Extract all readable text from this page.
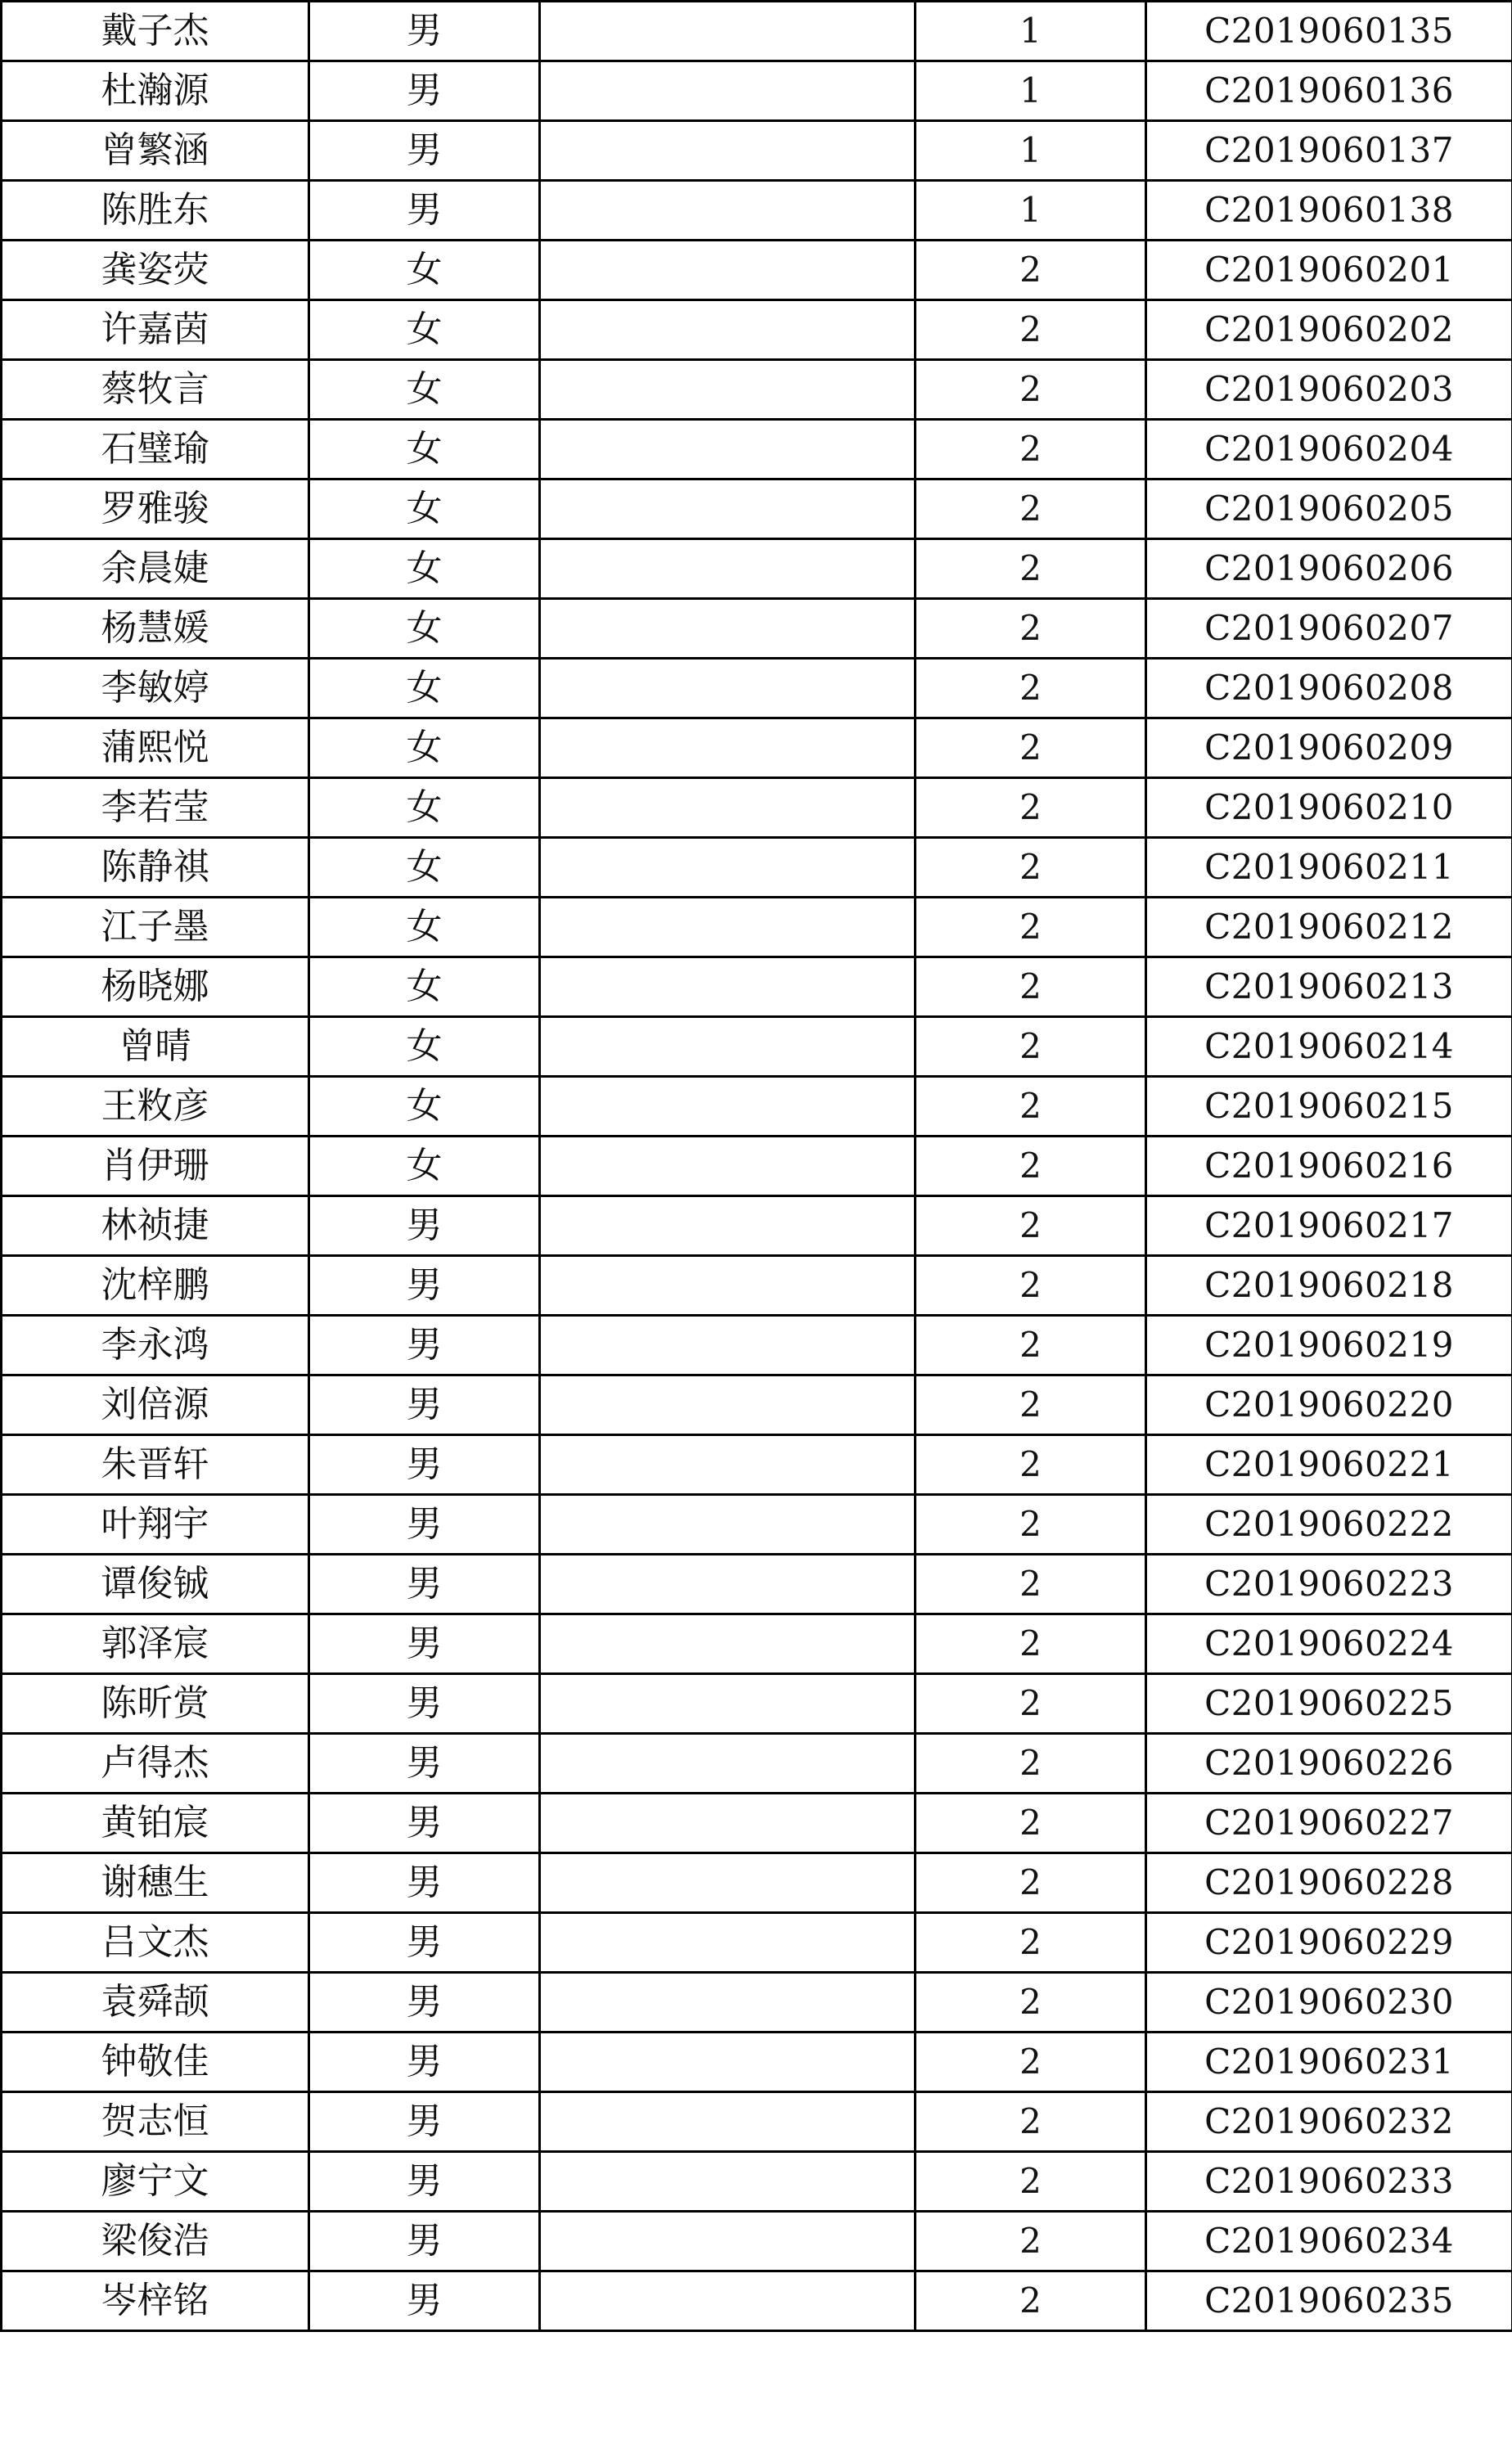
戴子杰	男		1	C2019060135
杜瀚源	男		1	C2019060136
曾繁涵	男		1	C2019060137
陈胜东	男		1	C2019060138
龚姿荧	女		2	C2019060201
许嘉茵	女		2	C2019060202
蔡牧言	女		2	C2019060203
石璧瑜	女		2	C2019060204
罗雅骏	女		2	C2019060205
余晨婕	女		2	C2019060206
杨慧媛	女		2	C2019060207
李敏婷	女		2	C2019060208
蒲熙悦	女		2	C2019060209
李若莹	女		2	C2019060210
陈静祺	女		2	C2019060211
江子墨	女		2	C2019060212
杨晓娜	女		2	C2019060213
曾晴	女		2	C2019060214
王敉彦	女		2	C2019060215
肖伊珊	女		2	C2019060216
林祯捷	男		2	C2019060217
沈梓鹏	男		2	C2019060218
李永鸿	男		2	C2019060219
刘倍源	男		2	C2019060220
朱晋轩	男		2	C2019060221
叶翔宇	男		2	C2019060222
谭俊铖	男		2	C2019060223
郭泽宸	男		2	C2019060224
陈昕赏	男		2	C2019060225
卢得杰	男		2	C2019060226
黄铂宸	男		2	C2019060227
谢穗生	男		2	C2019060228
吕文杰	男		2	C2019060229
袁舜颉	男		2	C2019060230
钟敬佳	男		2	C2019060231
贺志恒	男		2	C2019060232
廖宁文	男		2	C2019060233
梁俊浩	男		2	C2019060234
岑梓铭	男		2	C2019060235
